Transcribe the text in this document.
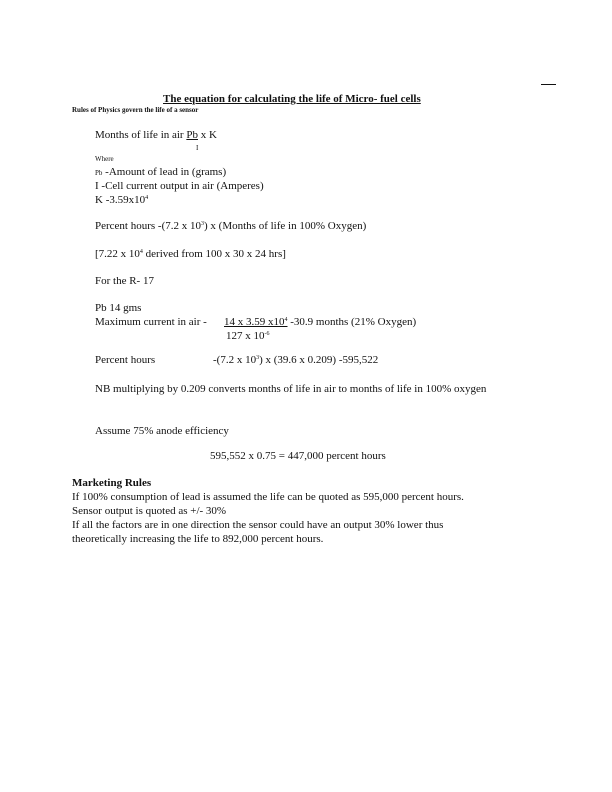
The equation for calculating the life of Micro- fuel cells
Rules of Physics govern the life of a sensor
Months of life in air Pb x K
I
Where
Pb -Amount of lead in (grams)
I -Cell current output in air (Amperes)
K $-3.59x10^4$
Percent hours -(7.2 x $10^3$) x (Months of life in 100% Oxygen)
[7.22 x $10^4$ derived from 100 x 30 x 24 hrs]
For the R- 17
Pb 14 gms
Maximum current in air - 14 x 3.59 $x10^4$ -30.9 months (21% Oxygen)
127 x $10^{-6}$
Percent hours	-(7.2 x $10^3$) x (39.6 x 0.209) -595,522
NB multiplying by 0.209 converts months of life in air to months of life in 100% oxygen
Assume 75% anode efficiency
595,552 x 0.75 = 447,000 percent hours
Marketing Rules
If 100% consumption of lead is assumed the life can be quoted as 595,000 percent hours.
Sensor output is quoted as +/- 30%
If all the factors are in one direction the sensor could have an output 30% lower thus
theoretically increasing the life to 892,000 percent hours.
